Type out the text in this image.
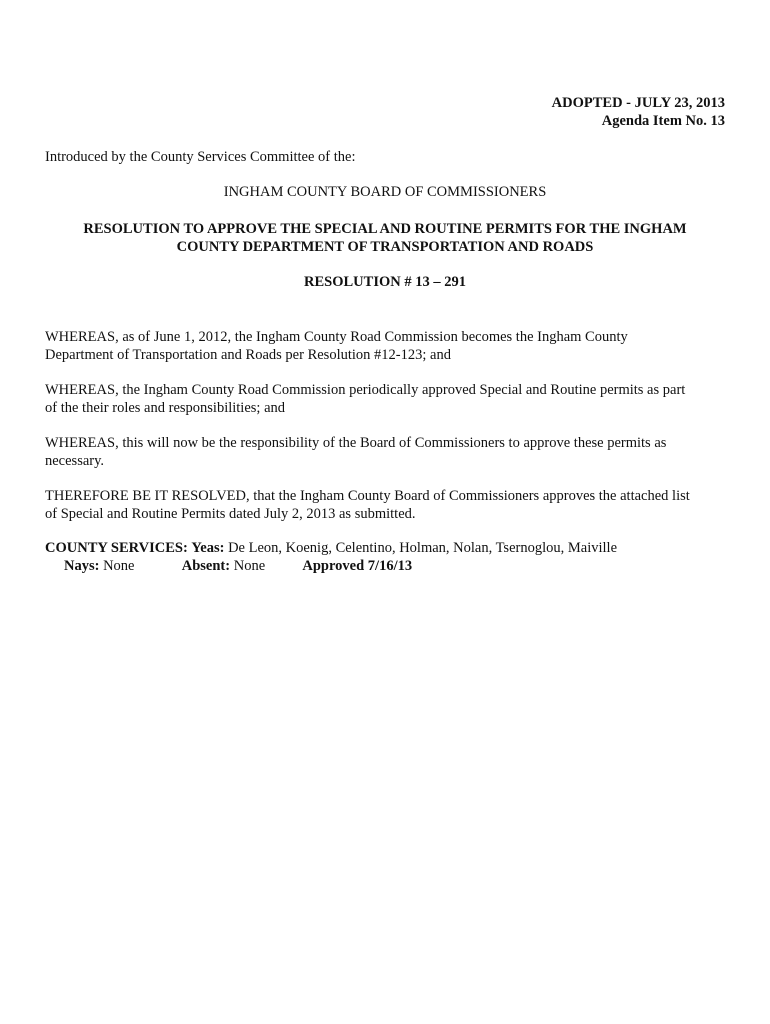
ADOPTED - JULY 23, 2013
Agenda Item No. 13
Introduced by the County Services Committee of the:
INGHAM COUNTY BOARD OF COMMISSIONERS
RESOLUTION TO APPROVE THE SPECIAL AND ROUTINE PERMITS FOR THE INGHAM
COUNTY DEPARTMENT OF TRANSPORTATION AND ROADS
RESOLUTION # 13 – 291
WHEREAS, as of June 1, 2012, the Ingham County Road Commission becomes the Ingham County
Department of Transportation and Roads per Resolution #12-123; and
WHEREAS, the Ingham County Road Commission periodically approved Special and Routine permits as part
of the their roles and responsibilities; and
WHEREAS, this will now be the responsibility of the Board of Commissioners to approve these permits as
necessary.
THEREFORE BE IT RESOLVED, that the Ingham County Board of Commissioners approves the attached list
of Special and Routine Permits dated July 2, 2013 as submitted.
COUNTY SERVICES: Yeas: De Leon, Koenig, Celentino, Holman, Nolan, Tsernoglou, Maiville
Nays: None	Absent: None	Approved 7/16/13
